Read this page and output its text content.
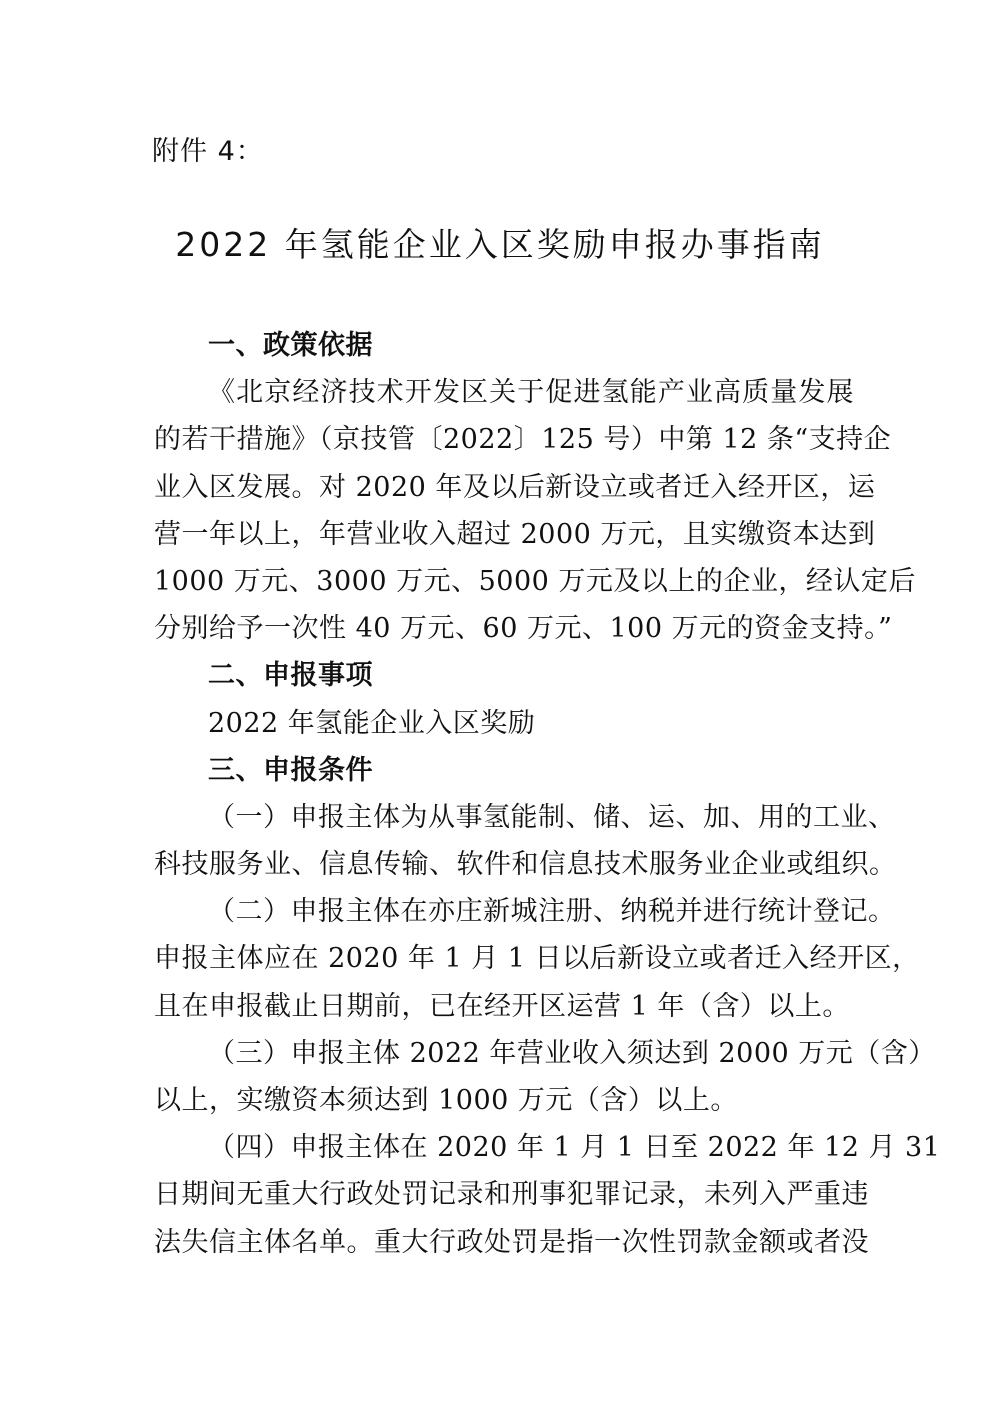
附件 4：
2022 年氢能企业入区奖励申报办事指南
一、政策依据
《北京经济技术开发区关于促进氢能产业高质量发展
的若干措施》（京技管〔2022〕125 号）中第 12 条“支持企
业入区发展。对 2020 年及以后新设立或者迁入经开区，运
营一年以上，年营业收入超过 2000 万元，且实缴资本达到
1000 万元、3000 万元、5000 万元及以上的企业，经认定后
分别给予一次性 40 万元、60 万元、100 万元的资金支持。”
二、申报事项
2022 年氢能企业入区奖励
三、申报条件
（一）申报主体为从事氢能制、储、运、加、用的工业、
科技服务业、信息传输、软件和信息技术服务业企业或组织。
（二）申报主体在亦庄新城注册、纳税并进行统计登记。
申报主体应在 2020 年 1 月 1 日以后新设立或者迁入经开区，
且在申报截止日期前，已在经开区运营 1 年（含）以上。
（三）申报主体 2022 年营业收入须达到 2000 万元（含）
以上，实缴资本须达到 1000 万元（含）以上。
（四）申报主体在 2020 年 1 月 1 日至 2022 年 12 月 31
日期间无重大行政处罚记录和刑事犯罪记录，未列入严重违
法失信主体名单。重大行政处罚是指一次性罚款金额或者没
